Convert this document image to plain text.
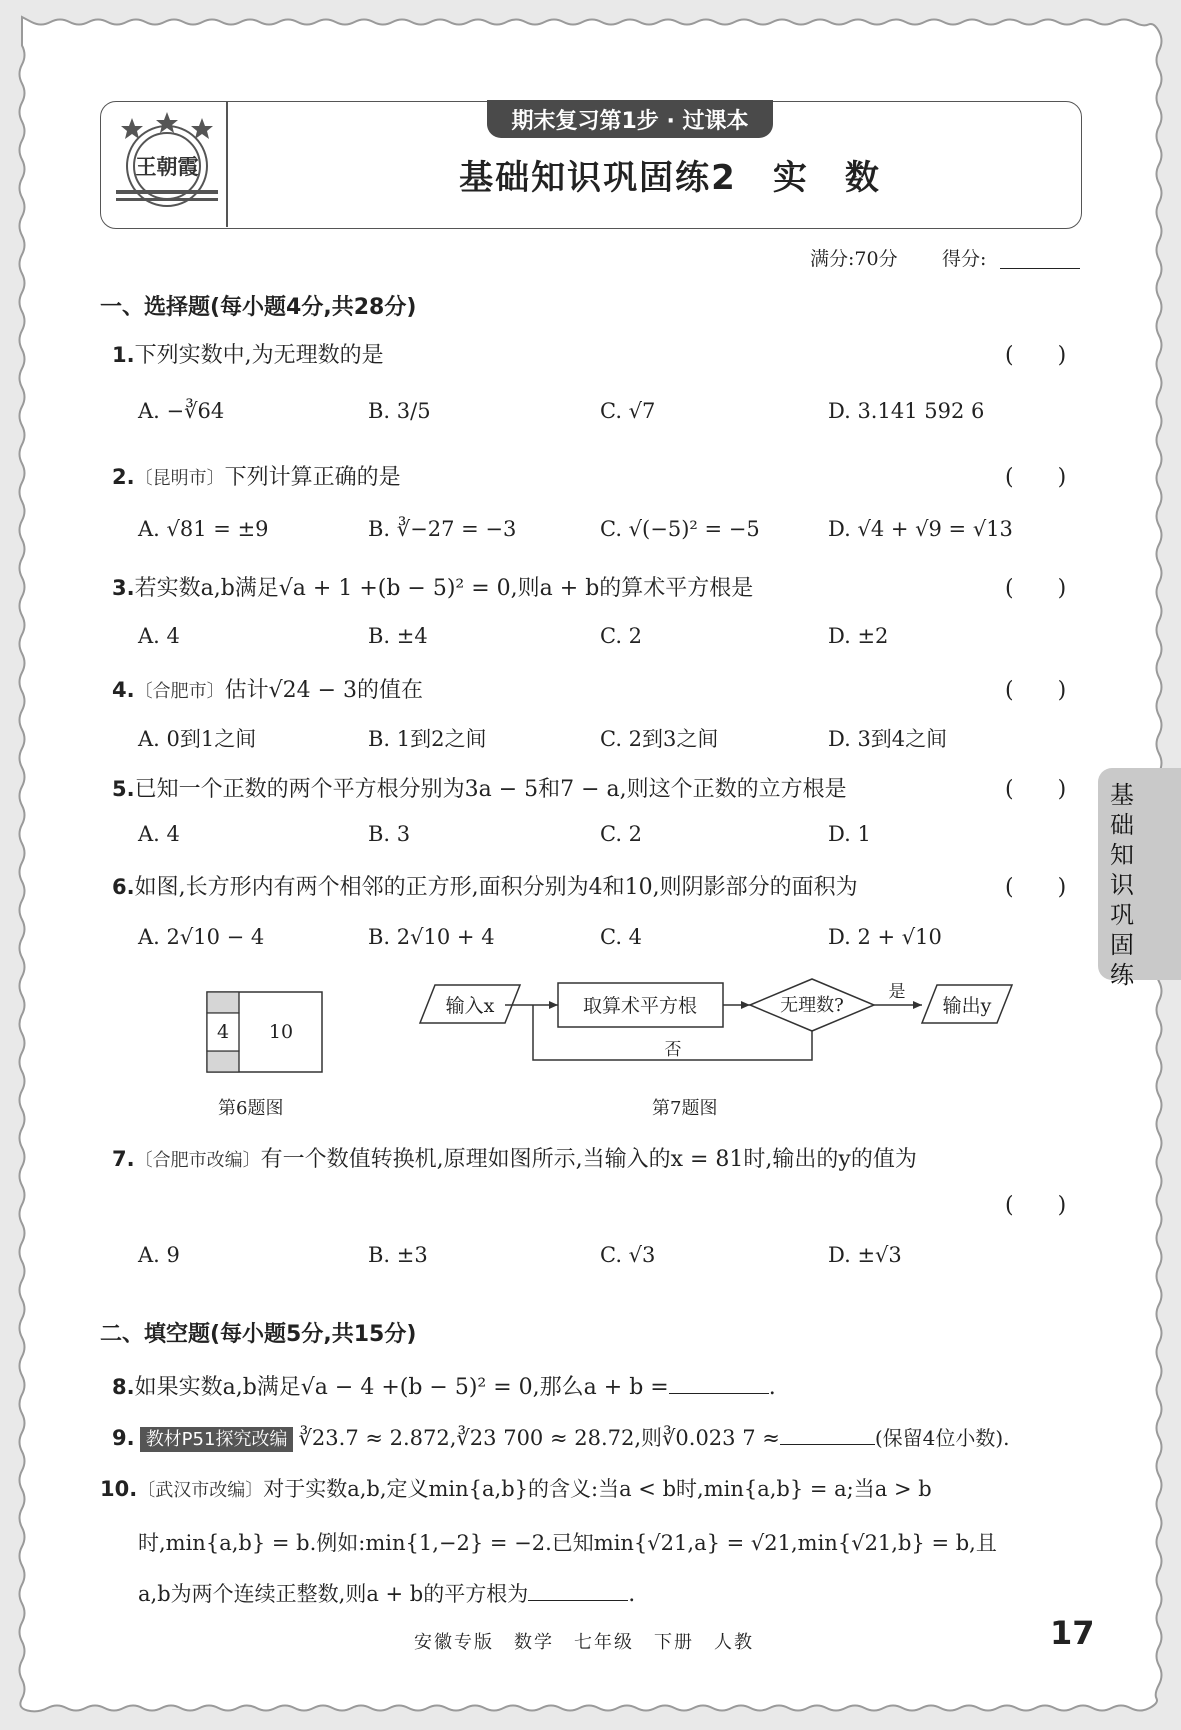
王朝霞
期末复习第1步 · 过课本
基础知识巩固练2　实　数
满分:70分 得分:
一、选择题(每小题4分,共28分)
1.下列实数中,为无理数的是	(　　)
A. −∛64	B. 3/5	C. √7	D. 3.141 592 6
2.〔昆明市〕下列计算正确的是	(　　)
A. √81 = ±9	B. ∛−27 = −3	C. √(−5)² = −5	D. √4 + √9 = √13
3.若实数a,b满足√a + 1 +(b − 5)² = 0,则a + b的算术平方根是	(　　)
A. 4	B. ±4	C. 2	D. ±2
4.〔合肥市〕估计√24 − 3的值在	(　　)
A. 0到1之间	B. 1到2之间	C. 2到3之间	D. 3到4之间
5.已知一个正数的两个平方根分别为3a − 5和7 − a,则这个正数的立方根是	(　　)
A. 4	B. 3	C. 2	D. 1
6.如图,长方形内有两个相邻的正方形,面积分别为4和10,则阴影部分的面积为	(　　)
A. 2√10 − 4	B. 2√10 + 4	C. 4	D. 2 + √10
4 10
第6题图
输入x	取算术平方根	无理数?
是
输出y
否
第7题图
7.〔合肥市改编〕有一个数值转换机,原理如图所示,当输入的x = 81时,输出的y的值为
(　　)
A. 9	B. ±3	C. √3	D. ±√3
二、填空题(每小题5分,共15分)
8.如果实数a,b满足√a − 4 +(b − 5)² = 0,那么a + b =	.
9. 教材P51探究改编 ∛23.7 ≈ 2.872,∛23 700 ≈ 28.72,则∛0.023 7 ≈	(保留4位小数).
10.〔武汉市改编〕对于实数a,b,定义min{a,b}的含义:当a < b时,min{a,b} = a;当a > b
时,min{a,b} = b.例如:min{1,−2} = −2.已知min{√21,a} = √21,min{√21,b} = b,且
a,b为两个连续正整数,则a + b的平方根为	.
基
础
知
识
巩
固
练
安徽专版　数学　七年级　下册　人教	17
